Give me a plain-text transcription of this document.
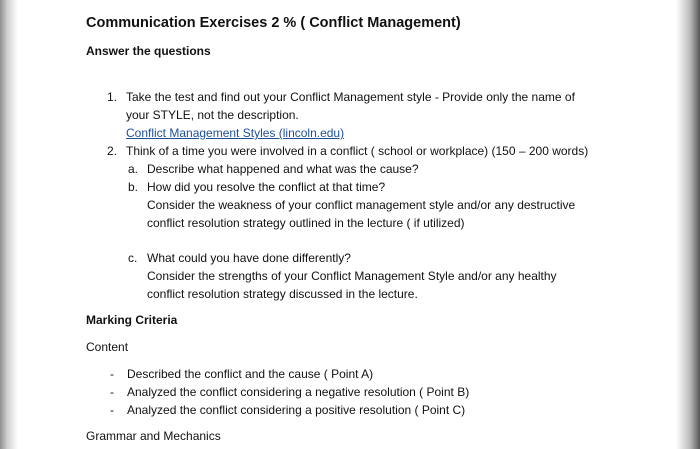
Communication Exercises 2 % ( Conflict Management)
Answer the questions
1. Take the test and find out your Conflict Management style - Provide only the name of
your STYLE, not the description.
Conflict Management Styles (lincoln.edu)
2. Think of a time you were involved in a conflict ( school or workplace) (150 – 200 words)
a. Describe what happened and what was the cause?
b. How did you resolve the conflict at that time?
Consider the weakness of your conflict management style and/or any destructive
conflict resolution strategy outlined in the lecture ( if utilized)
c. What could you have done differently?
Consider the strengths of your Conflict Management Style and/or any healthy
conflict resolution strategy discussed in the lecture.
Marking Criteria
Content
- Described the conflict and the cause ( Point A)
- Analyzed the conflict considering a negative resolution ( Point B)
- Analyzed the conflict considering a positive resolution ( Point C)
Grammar and Mechanics
